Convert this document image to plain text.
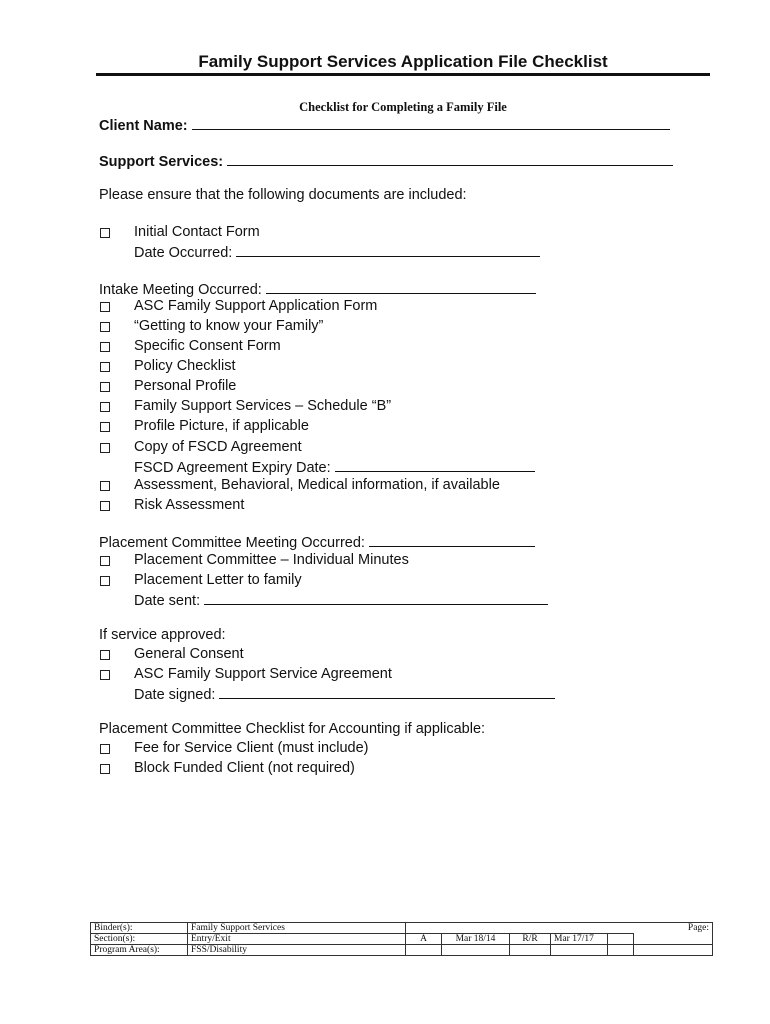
Family Support Services Application File Checklist
Checklist for Completing a Family File
Client Name:
Support Services:
Please ensure that the following documents are included:
Initial Contact Form
Date Occurred:
Intake Meeting Occurred:
ASC Family Support Application Form
“Getting to know your Family”
Specific Consent Form
Policy Checklist
Personal Profile
Family Support Services – Schedule “B”
Profile Picture, if applicable
Copy of FSCD Agreement
FSCD Agreement Expiry Date:
Assessment, Behavioral, Medical information, if available
Risk Assessment
Placement Committee Meeting Occurred:
Placement Committee – Individual Minutes
Placement Letter to family
Date sent:
If service approved:
General Consent
ASC Family Support Service Agreement
Date signed:
Placement Committee Checklist for Accounting if applicable:
Fee for Service Client (must include)
Block Funded Client (not required)
Binder(s):	Family Support Services						Page:	
Section(s):	Entry/Exit	A	Mar 18/14	R/R	Mar 17/17			
Program Area(s):	FSS/Disability							
